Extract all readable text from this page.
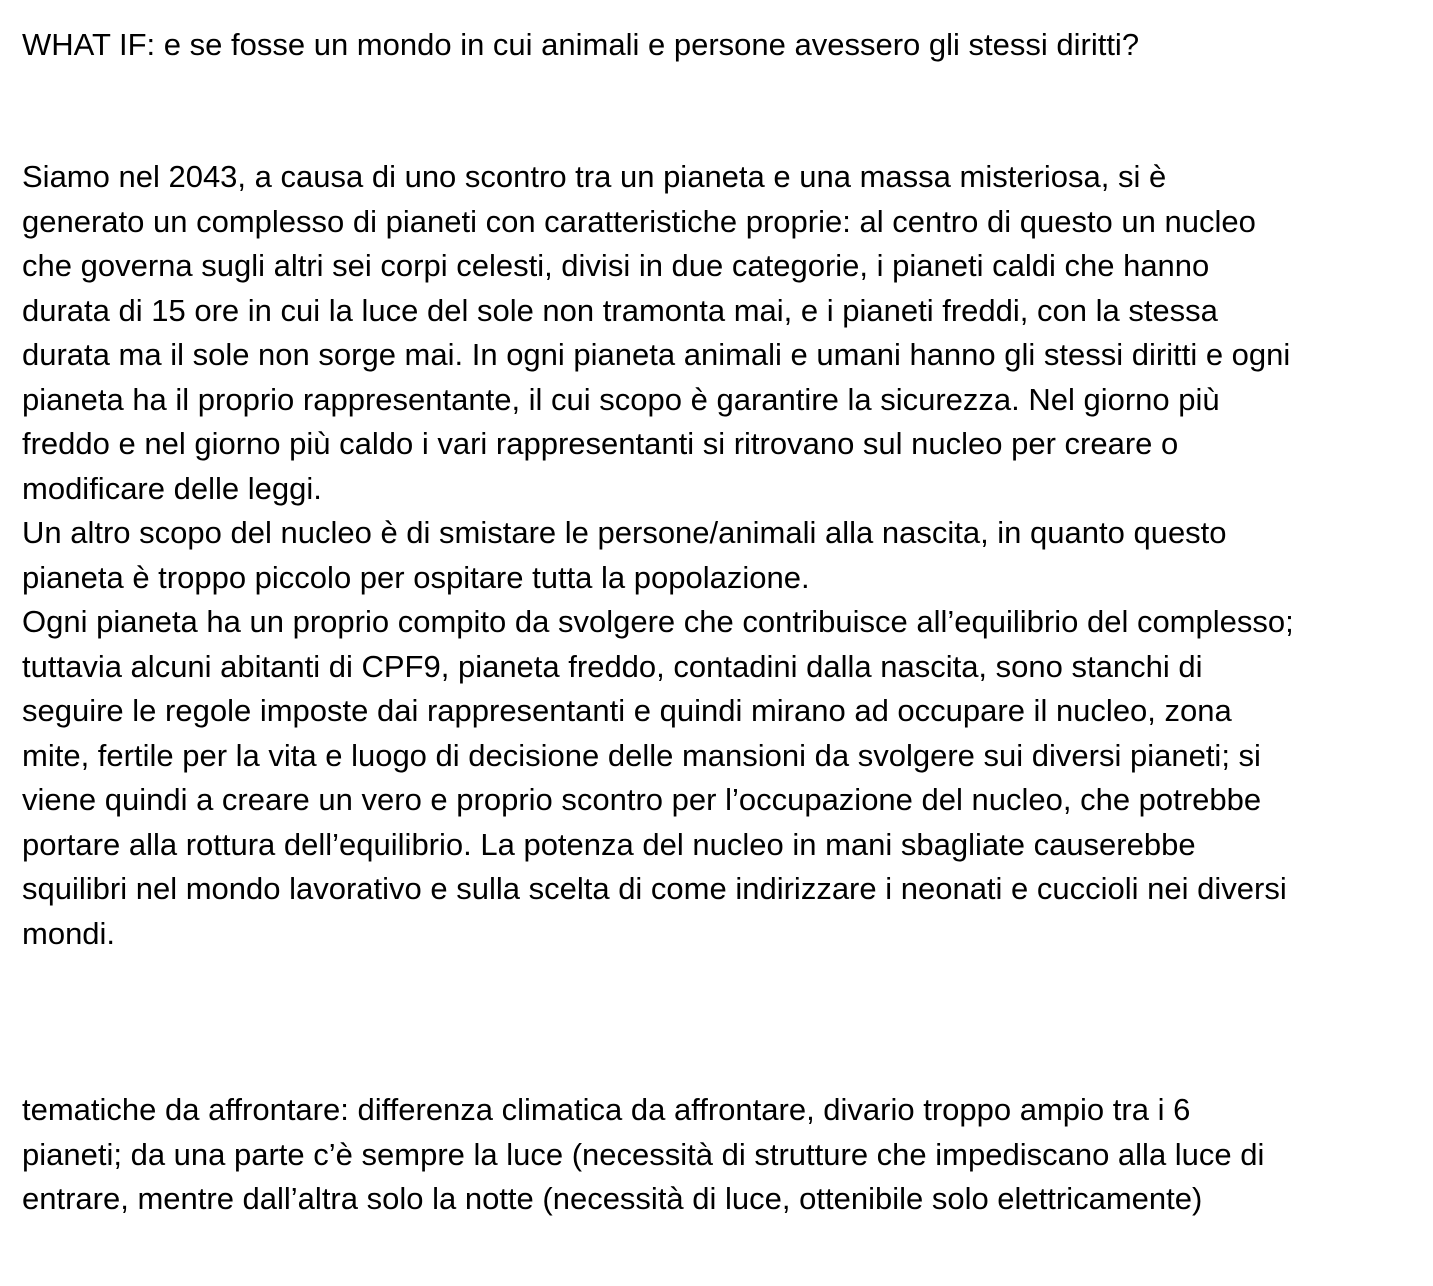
WHAT IF: e se fosse un mondo in cui animali e persone avessero gli stessi diritti?

Siamo nel 2043, a causa di uno scontro tra un pianeta e una massa misteriosa, si è
generato un complesso di pianeti con caratteristiche proprie: al centro di questo un nucleo
che governa sugli altri sei corpi celesti, divisi in due categorie, i pianeti caldi che hanno
durata di 15 ore in cui la luce del sole non tramonta mai, e i pianeti freddi, con la stessa
durata ma il sole non sorge mai. In ogni pianeta animali e umani hanno gli stessi diritti e ogni
pianeta ha il proprio rappresentante, il cui scopo è garantire la sicurezza. Nel giorno più
freddo e nel giorno più caldo i vari rappresentanti si ritrovano sul nucleo per creare o
modificare delle leggi.

Un altro scopo del nucleo è di smistare le persone/animali alla nascita, in quanto questo
pianeta è troppo piccolo per ospitare tutta la popolazione.

Ogni pianeta ha un proprio compito da svolgere che contribuisce all’equilibrio del complesso;
tuttavia alcuni abitanti di CPF9, pianeta freddo, contadini dalla nascita, sono stanchi di
seguire le regole imposte dai rappresentanti e quindi mirano ad occupare il nucleo, zona
mite, fertile per la vita e luogo di decisione delle mansioni da svolgere sui diversi pianeti; si
viene quindi a creare un vero e proprio scontro per l’occupazione del nucleo, che potrebbe
portare alla rottura dell’equilibrio. La potenza del nucleo in mani sbagliate causerebbe
squilibri nel mondo lavorativo e sulla scelta di come indirizzare i neonati e cuccioli nei diversi
mondi.

tematiche da affrontare: differenza climatica da affrontare, divario troppo ampio tra i 6
pianeti; da una parte c’è sempre la luce (necessità di strutture che impediscano alla luce di
entrare, mentre dall’altra solo la notte (necessità di luce, ottenibile solo elettricamente)
